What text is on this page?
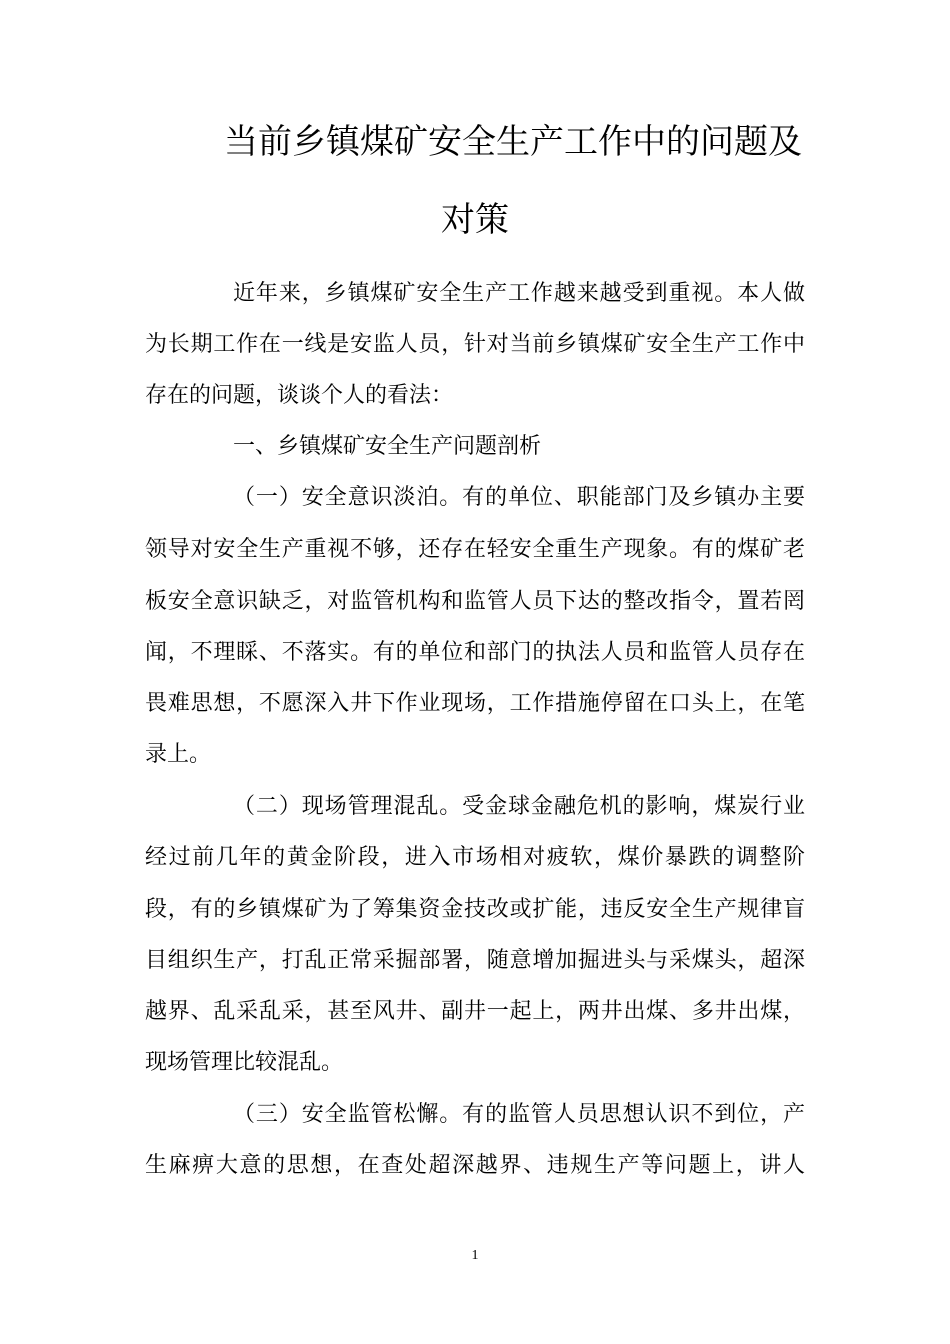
当前乡镇煤矿安全生产工作中的问题及
对策
近年来，乡镇煤矿安全生产工作越来越受到重视。本人做
为长期工作在一线是安监人员，针对当前乡镇煤矿安全生产工作中
存在的问题，谈谈个人的看法：
一、乡镇煤矿安全生产问题剖析
（一）安全意识淡泊。有的单位、职能部门及乡镇办主要
领导对安全生产重视不够，还存在轻安全重生产现象。有的煤矿老
板安全意识缺乏，对监管机构和监管人员下达的整改指令，置若罔
闻，不理睬、不落实。有的单位和部门的执法人员和监管人员存在
畏难思想，不愿深入井下作业现场，工作措施停留在口头上，在笔
录上。
（二）现场管理混乱。受金球金融危机的影响，煤炭行业
经过前几年的黄金阶段，进入市场相对疲软，煤价暴跌的调整阶
段，有的乡镇煤矿为了筹集资金技改或扩能，违反安全生产规律盲
目组织生产，打乱正常采掘部署，随意增加掘进头与采煤头，超深
越界、乱采乱采，甚至风井、副井一起上，两井出煤、多井出煤，
现场管理比较混乱。
（三）安全监管松懈。有的监管人员思想认识不到位，产
生麻痹大意的思想，在查处超深越界、违规生产等问题上，讲人
1
